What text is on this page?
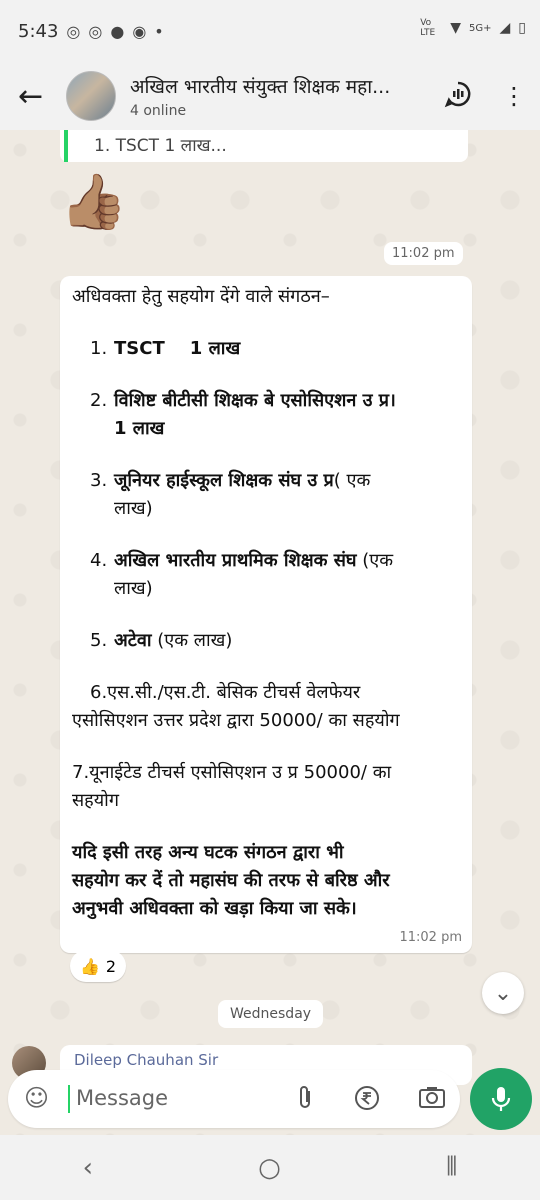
5:43 ◎ ◎ ● ◉ •	Vo LTE	▼ 5G+ ◢ ▯
←	अखिल भारतीय संयुक्त शिक्षक महा...
4 online
⋮
1. TSCT 1 लाख...
👍🏽
11:02 pm
अधिवक्ता हेतु सहयोग देंगे वाले संगठन–
1. TSCT    1 लाख
2. विशिष्ट बीटीसी शिक्षक बे एसोसिएशन उ प्र।
1 लाख
3. जूनियर हाईस्कूल शिक्षक संघ उ प्र( एक
लाख)
4. अखिल भारतीय प्राथमिक शिक्षक संघ (एक
लाख)
5. अटेवा (एक लाख)
6.एस.सी./एस.टी. बेसिक टीचर्स वेलफेयर
एसोसिएशन उत्तर प्रदेश द्वारा 50000/ का सहयोग
7.यूनाईटेड टीचर्स एसोसिएशन उ प्र 50000/ का
सहयोग
यदि इसी तरह अन्य घटक संगठन द्वारा भी
सहयोग कर दें तो महासंघ की तरफ से बरिष्ठ और
अनुभवी अधिवक्ता को खड़ा किया जा सके।
11:02 pm
👍 2
Wednesday
⌄
Dileep Chauhan Sir
☺ Message
‹	○	⦀
